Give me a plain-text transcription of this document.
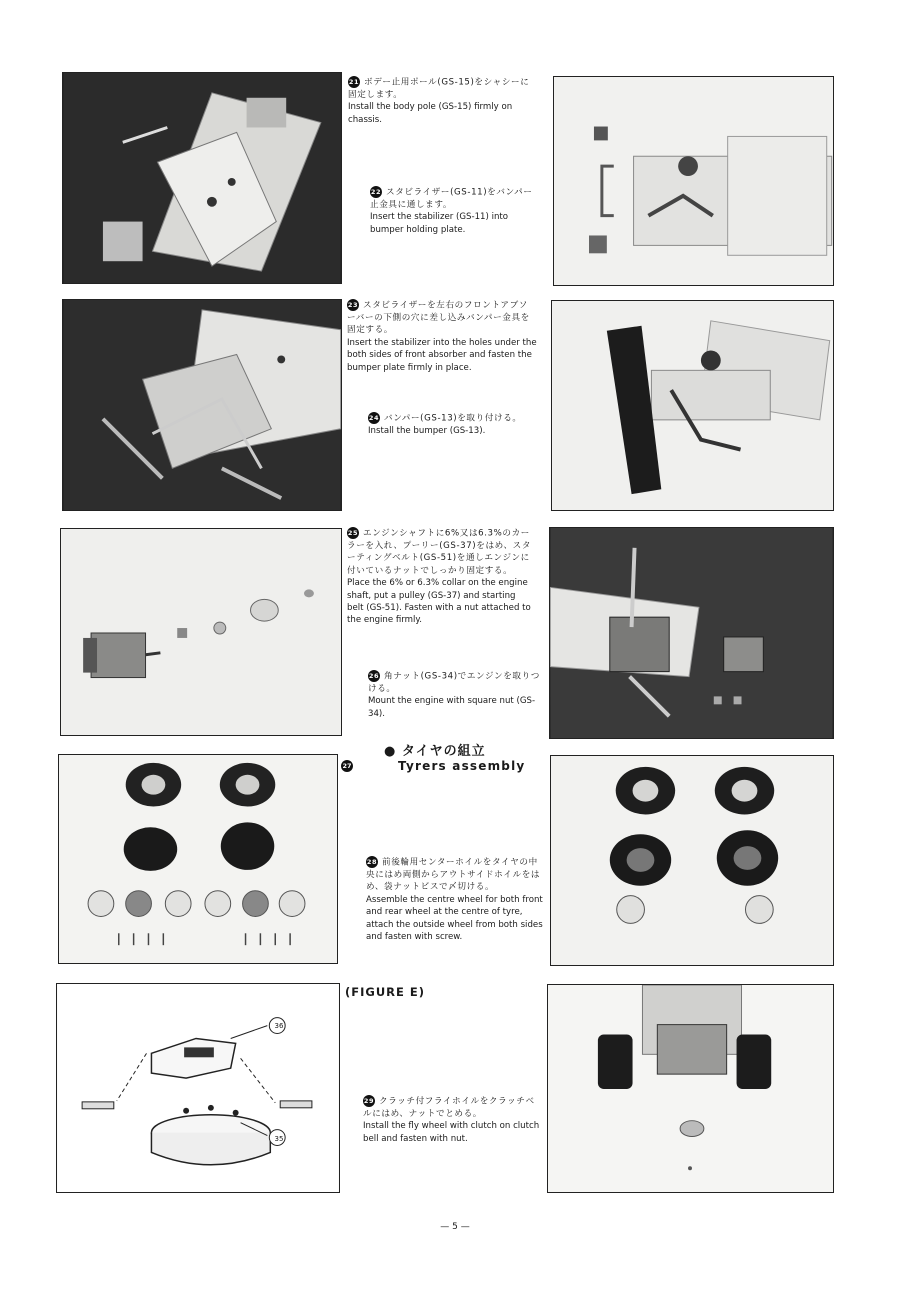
21 ボデー止用ポール(GS-15)をシャシーに固定します。
Install the body pole (GS-15) firmly on chassis.
22 スタビライザー(GS-11)をバンパー止金具に通します。
Insert the stabilizer (GS-11) into bumper holding plate.
23 スタビライザーを左右のフロントアブソーバーの下側の穴に差し込みバンパー金具を固定する。
Insert the stabilizer into the holes under the both sides of front absorber and fasten the bumper plate firmly in place.
24 バンパー(GS-13)を取り付ける。
Install the bumper (GS-13).
25 エンジンシャフトに6%又は6.3%のカーラーを入れ、プーリー(GS-37)をはめ、スターティングベルト(GS-51)を通しエンジンに付いているナットでしっかり固定する。
Place the 6% or 6.3% collar on the engine shaft, put a pulley (GS-37) and starting belt (GS-51). Fasten with a nut attached to the engine firmly.
26 角ナット(GS-34)でエンジンを取りつける。
Mount the engine with square nut (GS-34).
● タイヤの組立
27	Tyrers assembly
28 前後輪用センターホイルをタイヤの中央にはめ両側からアウトサイドホイルをはめ、袋ナットビスで〆切ける。
Assemble the centre wheel for both front and rear wheel at the centre of tyre, attach the outside wheel from both sides and fasten with screw.
36
35
(FIGURE E)
29 クラッチ付フライホイルをクラッチベルにはめ、ナットでとめる。
Install the fly wheel with clutch on clutch bell and fasten with nut.
— 5 —
